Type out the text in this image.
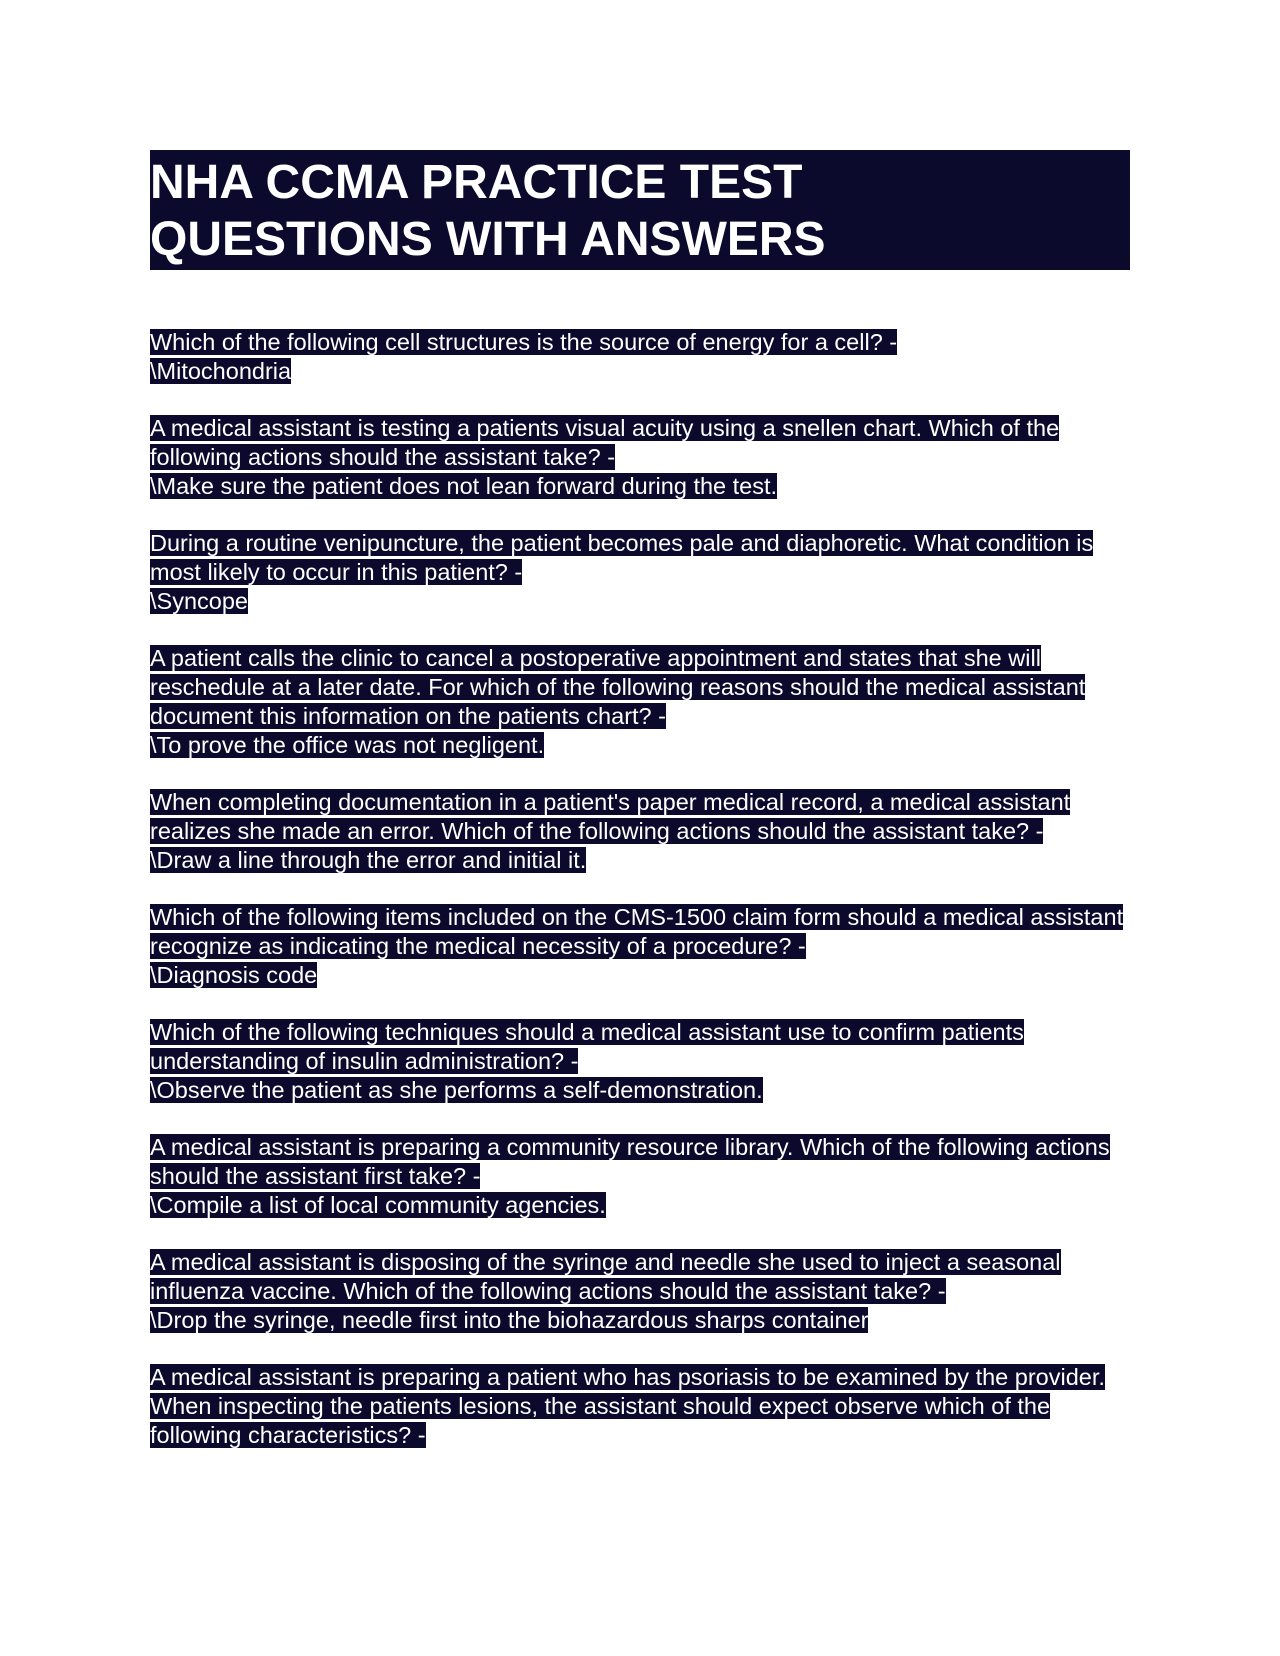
NHA CCMA PRACTICE TEST
QUESTIONS WITH ANSWERS
Which of the following cell structures is the source of energy for a cell? -
\Mitochondria
A medical assistant is testing a patients visual acuity using a snellen chart. Which of the following actions should the assistant take? -
\Make sure the patient does not lean forward during the test.
During a routine venipuncture, the patient becomes pale and diaphoretic. What condition is most likely to occur in this patient? -
\Syncope
A patient calls the clinic to cancel a postoperative appointment and states that she will reschedule at a later date. For which of the following reasons should the medical assistant document this information on the patients chart? -
\To prove the office was not negligent.
When completing documentation in a patient's paper medical record, a medical assistant realizes she made an error. Which of the following actions should the assistant take? -
\Draw a line through the error and initial it.
Which of the following items included on the CMS-1500 claim form should a medical assistant recognize as indicating the medical necessity of a procedure? -
\Diagnosis code
Which of the following techniques should a medical assistant use to confirm patients understanding of insulin administration? -
\Observe the patient as she performs a self-demonstration.
A medical assistant is preparing a community resource library. Which of the following actions should the assistant first take? -
\Compile a list of local community agencies.
A medical assistant is disposing of the syringe and needle she used to inject a seasonal influenza vaccine. Which of the following actions should the assistant take? -
\Drop the syringe, needle first into the biohazardous sharps container
A medical assistant is preparing a patient who has psoriasis to be examined by the provider. When inspecting the patients lesions, the assistant should expect observe which of the following characteristics? -
